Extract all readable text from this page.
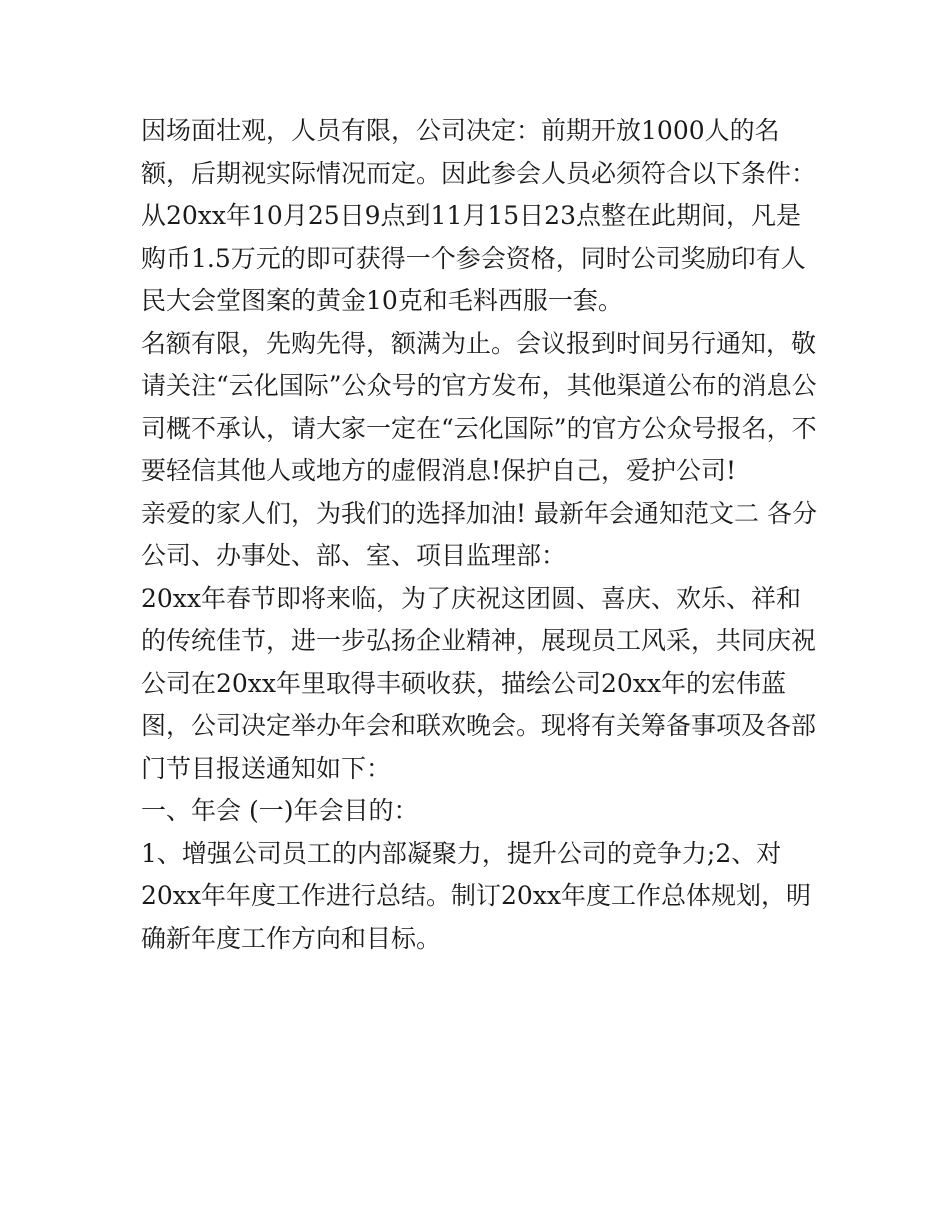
因场面壮观，人员有限，公司决定：前期开放1000人的名
额，后期视实际情况而定。因此参会人员必须符合以下条件：
从20xx年10月25日9点到11月15日23点整在此期间，凡是
购币1.5万元的即可获得一个参会资格，同时公司奖励印有人
民大会堂图案的黄金10克和毛料西服一套。
名额有限，先购先得，额满为止。会议报到时间另行通知，敬
请关注“云化国际”公众号的官方发布，其他渠道公布的消息公
司概不承认，请大家一定在“云化国际”的官方公众号报名，不
要轻信其他人或地方的虚假消息!保护自己，爱护公司!
亲爱的家人们，为我们的选择加油! 最新年会通知范文二 各分
公司、办事处、部、室、项目监理部：
20xx年春节即将来临，为了庆祝这团圆、喜庆、欢乐、祥和
的传统佳节，进一步弘扬企业精神，展现员工风采，共同庆祝
公司在20xx年里取得丰硕收获，描绘公司20xx年的宏伟蓝
图，公司决定举办年会和联欢晚会。现将有关筹备事项及各部
门节目报送通知如下：
一、年会 (一)年会目的：
1、增强公司员工的内部凝聚力，提升公司的竞争力;2、对
20xx年年度工作进行总结。制订20xx年度工作总体规划，明
确新年度工作方向和目标。
